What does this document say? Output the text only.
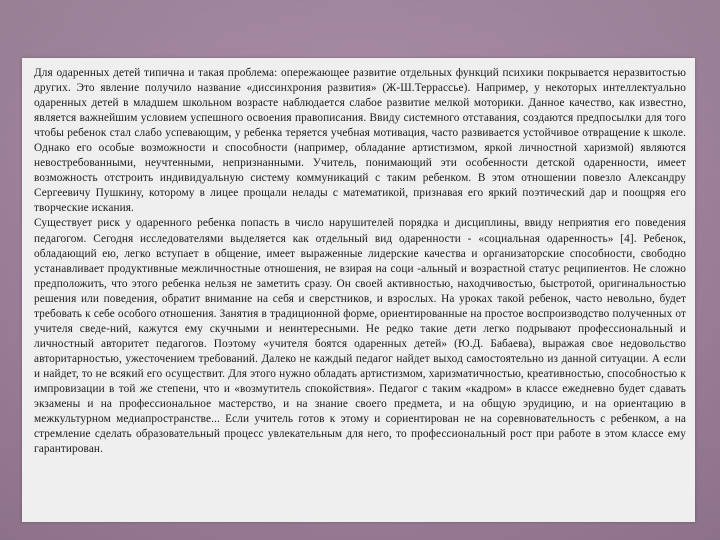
Для одаренных детей типична и такая проблема: опережающее развитие отдельных функций психики покрывается неразвитостью других. Это явление получило название «диссинхрония развития» (Ж-Ш.Террассье). Например, у некоторых интеллектуально одаренных детей в младшем школьном возрасте наблюдается слабое развитие мелкой моторики. Данное качество, как известно, является важнейшим условием успешного освоения правописания. Ввиду системного отставания, создаются предпосылки для того чтобы ребенок стал слабо успевающим, у ребенка теряется учебная мотивация, часто развивается устойчивое отвращение к школе. Однако его особые возможности и способности (например, обладание артистизмом, яркой личностной харизмой) являются невостребованными, неучтенными, непризнанными. Учитель, понимающий эти особенности детской одаренности, имеет возможность отстроить индивидуальную систему коммуникаций с таким ребенком. В этом отношении повезло Александру Сергеевичу Пушкину, которому в лицее прощали нелады с математикой, признавая его яркий поэтический дар и поощряя его творческие искания.

Существует риск у одаренного ребенка попасть в число нарушителей порядка и дисциплины, ввиду неприятия его поведения педагогом. Сегодня исследователями выделяется как отдельный вид одаренности - «социальная одаренность» [4]. Ребенок, обладающий ею, легко вступает в общение, имеет выраженные лидерские качества и организаторские способности, свободно устанавливает продуктивные межличностные отношения, не взирая на соци -альный и возрастной статус реципиентов. Не сложно предположить, что этого ребенка нельзя не заметить сразу. Он своей активностью, находчивостью, быстротой, оригинальностью решения или поведения, обратит внимание на себя и сверстников, и взрослых. На уроках такой ребенок, часто невольно, будет требовать к себе особого отношения. Занятия в традиционной форме, ориентированные на простое воспроизводство полученных от учителя сведе-ний, кажутся ему скучными и неинтересными. Не редко такие дети легко подрывают профессиональный и личностный авторитет педагогов. Поэтому «учителя боятся одаренных детей» (Ю.Д. Бабаева), выражая свое недовольство авторитарностью, ужесточением требований. Далеко не каждый педагог найдет выход самостоятельно из данной ситуации. А если и найдет, то не всякий его осуществит. Для этого нужно обладать артистизмом, харизматичностью, креативностью, способностью к импровизации в той же степени, что и «возмутитель спокойствия». Педагог с таким «кадром» в классе ежедневно будет сдавать экзамены и на профессиональное мастерство, и на знание своего предмета, и на общую эрудицию, и на ориентацию в межкультурном медиапространстве... Если учитель готов к этому и сориентирован не на соревновательность с ребенком, а на стремление сделать образовательный процесс увлекательным для него, то профессиональный рост при работе в этом классе ему гарантирован.
